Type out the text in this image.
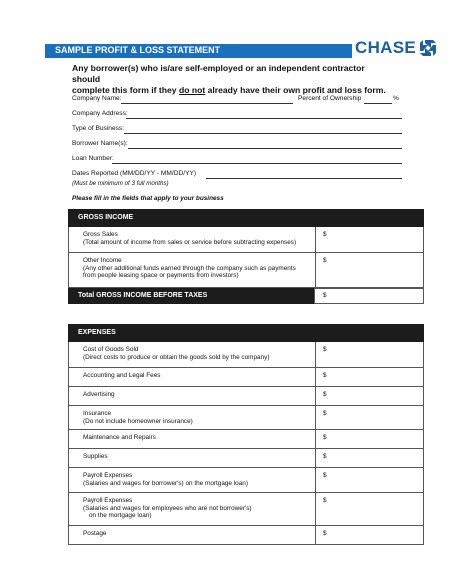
SAMPLE PROFIT & LOSS STATEMENT	CHASE
Any borrower(s) who is/are self-employed or an independent contractor should
complete this form if they do not already have their own profit and loss form.
Company Name:	Percent of Ownership	%
Company Address:
Type of Business:
Borrower Name(s):
Loan Number:
Dates Reported (MM/DD/YY - MM/DD/YY)
(Must be minimum of 3 full months)
Please fill in the fields that apply to your business
GROSS INCOME
Gross Sales
(Total amount of income from sales or service before subtracting expenses)
$
Other Income
(Any other additional funds earned through the company such as payments
from people leasing space or payments from investors)
$
Total GROSS INCOME BEFORE TAXES	$
EXPENSES
Cost of Goods Sold
(Direct costs to produce or obtain the goods sold by the company)
$
Accounting and Legal Fees	$
Advertising	$
Insurance
(Do not include homeowner insurance)
$
Maintenance and Repairs	$
Supplies	$
Payroll Expenses
(Salaries and wages for borrower's) on the mortgage loan)
$
Payroll Expenses
(Salaries and wages for employees who are not borrower's)
on the mortgage loan)
$
Postage	$
